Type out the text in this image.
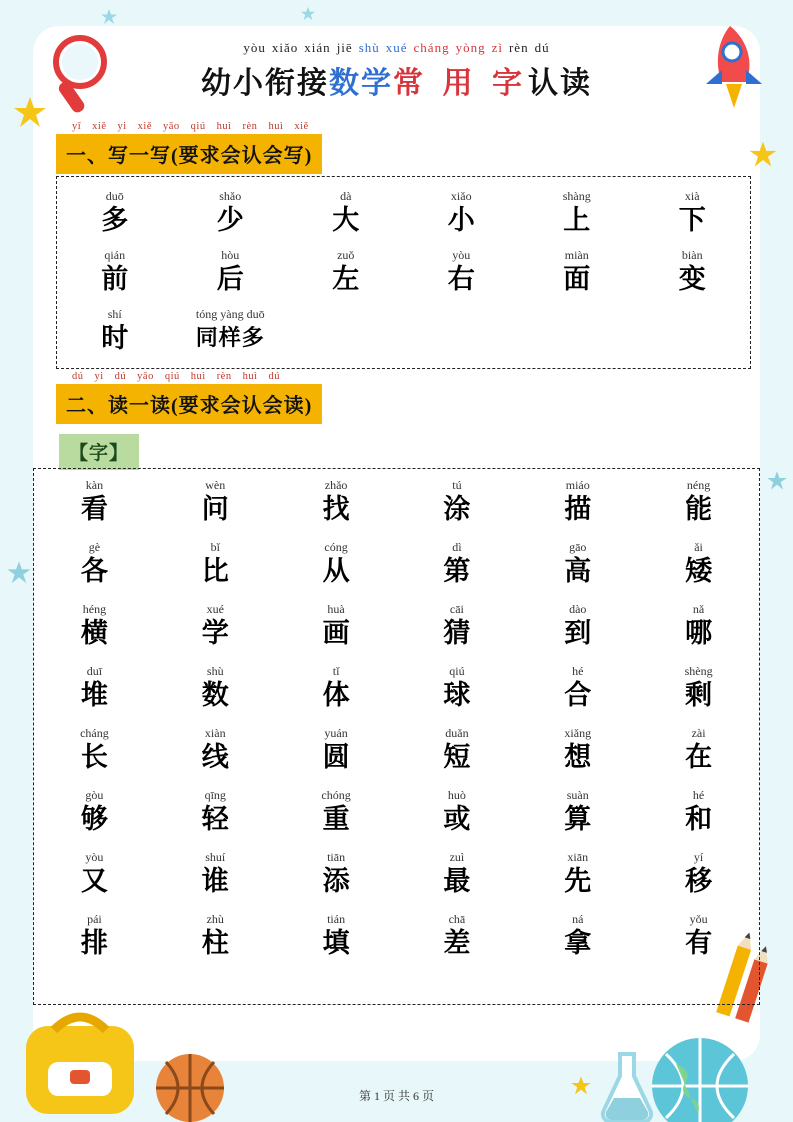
yòu xiǎo xián jiē shù xué cháng yòng zì rèn dú
幼小衔接数学常 用 字认读
yī xiě yi xiě yāo qiú huì rèn huì xiě
一、写一写(要求会认会写)
duō
多
shǎo
少
dà
大
xiǎo
小
shàng
上
xià
下
qián
前
hòu
后
zuǒ
左
yòu
右
miàn
面
biàn
变
shí
时
tóng yàng duō
同样多
dú yi dú yāo qiú huì rèn huì dú
二、读一读(要求会认会读)
【字】
kàn
看
wèn
问
zhǎo
找
tú
涂
miáo
描
néng
能
gè
各
bǐ
比
cóng
从
dì
第
gāo
高
ǎi
矮
héng
横
xué
学
huà
画
cāi
猜
dào
到
nǎ
哪
duī
堆
shù
数
tǐ
体
qiú
球
hé
合
shèng
剩
cháng
长
xiàn
线
yuán
圆
duǎn
短
xiǎng
想
zài
在
gòu
够
qīng
轻
chóng
重
huò
或
suàn
算
hé
和
yòu
又
shuí
谁
tiān
添
zuì
最
xiān
先
yí
移
pái
排
zhù
柱
tián
填
chā
差
ná
拿
yǒu
有
第 1 页 共 6 页
